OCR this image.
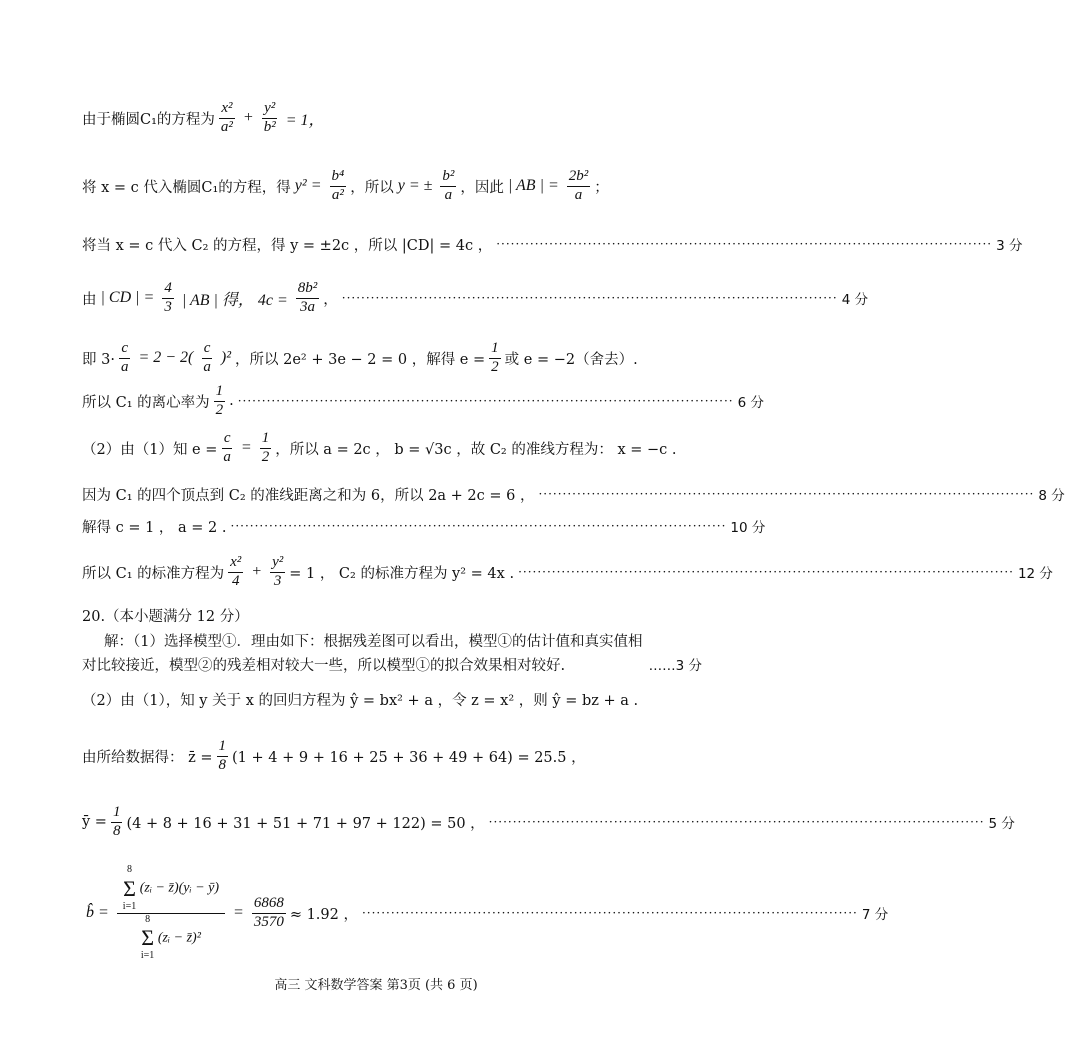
由于椭圆C₁的方程为 $\frac{\text{x²}}{\text{a²}} + \frac{\text{y²}}{\text{b²}} = 1$，
将 x = c 代入椭圆C₁的方程，得 $y^2 = \frac{\text{b⁴}}{\text{a²}}$ ，所以 y = ± $\frac{\text{b²}}{a}$ ，因此 | AB | = $\frac{\text{2b²}}{a}$ ；
将当 x = c 代入 C₂ 的方程，得 y = ±2c ，所以 |CD| = 4c ， ······································································································· 3 分
由 | CD | = $\frac{4}{3}$ | AB | 得， $4c = \frac{\text{8b²}}{3a}$ ， ······································································································· 4 分
即 $3\cdot \frac{c}{a} = 2 - 2( \frac{c}{a} )^2$ ，所以 2e² + 3e − 2 = 0 ，解得 $e = \frac{1}{2}$ 或 e = −2（舍去）.
所以 C₁ 的离心率为 $\frac{1}{2}$ . ······································································································· 6 分
（2）由（1）知 $e = \frac{c}{a} = \frac{1}{2}$ ，所以 a = 2c ， b = √3c ，故 C₂ 的准线方程为： x = −c .
因为 C₁ 的四个顶点到 C₂ 的准线距离之和为 6，所以 2a + 2c = 6 ， ······································································································· 8 分
解得 c = 1 ， a = 2 . ······································································································· 10 分
所以 C₁ 的标准方程为 $\frac{\text{x²}}{4} + \frac{\text{y²}}{3} = 1$ ， C₂ 的标准方程为 y² = 4x . ······································································································· 12 分
20.（本小题满分 12 分）
解：（1）选择模型①．理由如下：根据残差图可以看出，模型①的估计值和真实值相
对比较接近，模型②的残差相对较大一些，所以模型①的拟合效果相对较好.	……3 分
（2）由（1），知 y 关于 x 的回归方程为 ŷ = bx² + a ，令 z = x² ，则 ŷ = bz + a .
由所给数据得： z̄ = $\frac{1}{8} (1 + 4 + 9 + 16 + 25 + 36 + 49 + 64) = 25.5$ ，
ȳ = $\frac{1}{8} (4 + 8 + 16 + 31 + 51 + 71 + 97 + 122) = 50$ ， ······································································································· 5 分
b̂ =
8
Σ
i=1
(zᵢ − z̄)(yᵢ − ȳ)
8
Σ
i=1
(zᵢ − z̄)²
= $\frac{6868}{3570} \approx 1.92$ ， ······································································································· 7 分
高三 文科数学答案 第3页 (共 6 页)
